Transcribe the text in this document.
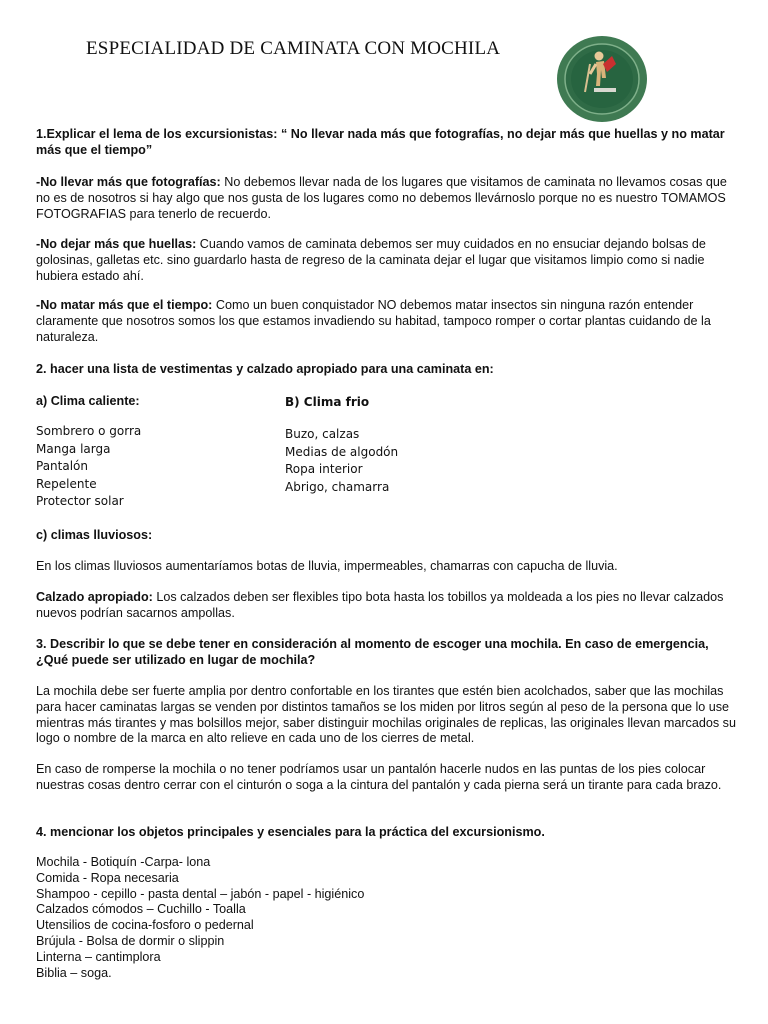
ESPECIALIDAD DE CAMINATA CON MOCHILA

1.Explicar el lema de los excursionistas: “ No llevar nada más que fotografías, no dejar más que huellas y no matar más que el tiempo”

-No llevar más que fotografías: No debemos llevar nada de los lugares que visitamos de caminata no llevamos cosas que no es de nosotros si hay algo que nos gusta de los lugares como no debemos llevárnoslo porque no es nuestro TOMAMOS FOTOGRAFIAS para tenerlo de recuerdo.

-No dejar más que huellas: Cuando vamos de caminata debemos ser muy cuidados en no ensuciar dejando bolsas de golosinas, galletas etc. sino guardarlo hasta de regreso de la caminata dejar el lugar que visitamos limpio como si nadie hubiera estado ahí.

-No matar más que el tiempo: Como un buen conquistador NO debemos matar insectos sin ninguna razón entender claramente que nosotros somos los que estamos invadiendo su habitad, tampoco romper o cortar plantas cuidando de la naturaleza.

2. hacer una lista de vestimentas y calzado apropiado para una caminata en:

a) Clima caliente:

Sombrero o gorra
Manga larga
Pantalón
Repelente
Protector solar
B) Clima frio
Buzo, calzas
Medias de algodón
Ropa interior
Abrigo, chamarra

c) climas lluviosos:

En los climas lluviosos aumentaríamos botas de lluvia, impermeables, chamarras con capucha de lluvia.

Calzado apropiado: Los calzados deben ser flexibles tipo bota hasta los tobillos ya moldeada a los pies no llevar calzados nuevos podrían sacarnos ampollas.

3. Describir lo que se debe tener en consideración al momento de escoger una mochila. En caso de emergencia, ¿Qué puede ser utilizado en lugar de mochila?

La mochila debe ser fuerte amplia por dentro confortable en los tirantes que estén bien acolchados, saber que las mochilas para hacer caminatas largas se venden por distintos tamaños se los miden por litros según al peso de la persona que lo use mientras más tirantes y mas bolsillos mejor, saber distinguir mochilas originales de replicas, las originales llevan marcados su logo o nombre de la marca en alto relieve en cada uno de los cierres de metal.

En caso de romperse la mochila o no tener podríamos usar un pantalón hacerle nudos en las puntas de los pies colocar nuestras cosas dentro cerrar con el cinturón o soga a la cintura del pantalón y cada pierna será un tirante para cada brazo.

4. mencionar los objetos principales y esenciales para la práctica del excursionismo.

Mochila - Botiquín -Carpa- lona
Comida - Ropa necesaria
Shampoo - cepillo - pasta dental – jabón - papel - higiénico
Calzados cómodos – Cuchillo - Toalla
Utensilios de cocina-fosforo o pedernal
Brújula - Bolsa de dormir o slippin
Linterna – cantimplora
Biblia – soga.
